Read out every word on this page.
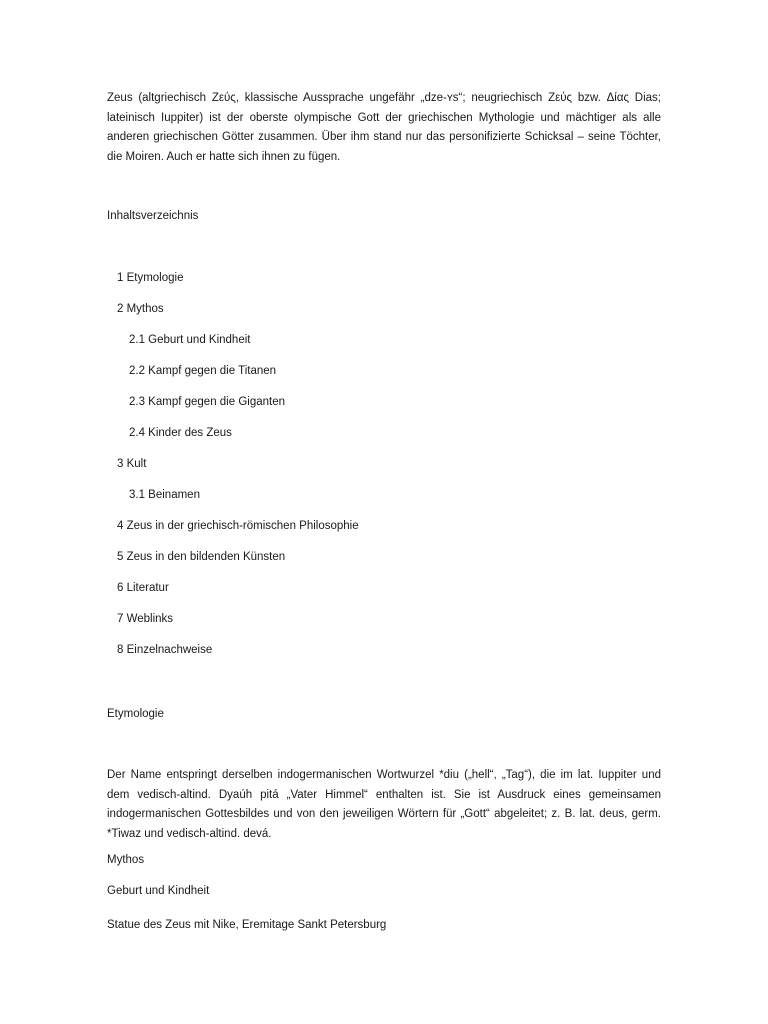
Zeus (altgriechisch Ζεύς, klassische Aussprache ungefähr „dze-ʏs“; neugriechisch Ζεύς bzw. Δίας Dias; lateinisch Iuppiter) ist der oberste olympische Gott der griechischen Mythologie und mächtiger als alle anderen griechischen Götter zusammen. Über ihm stand nur das personifizierte Schicksal – seine Töchter, die Moiren. Auch er hatte sich ihnen zu fügen.

Inhaltsverzeichnis
1 Etymologie
2 Mythos
2.1 Geburt und Kindheit
2.2 Kampf gegen die Titanen
2.3 Kampf gegen die Giganten
2.4 Kinder des Zeus
3 Kult
3.1 Beinamen
4 Zeus in der griechisch-römischen Philosophie
5 Zeus in den bildenden Künsten
6 Literatur
7 Weblinks
8 Einzelnachweise
Etymologie

Der Name entspringt derselben indogermanischen Wortwurzel *diu („hell“, „Tag“), die im lat. Iuppiter und dem vedisch-altind. Dyaúh pitá „Vater Himmel“ enthalten ist. Sie ist Ausdruck eines gemeinsamen indogermanischen Gottesbildes und von den jeweiligen Wörtern für „Gott“ abgeleitet; z. B. lat. deus, germ. *Tiwaz und vedisch-altind. devá.

Mythos
Geburt und Kindheit
Statue des Zeus mit Nike, Eremitage Sankt Petersburg
